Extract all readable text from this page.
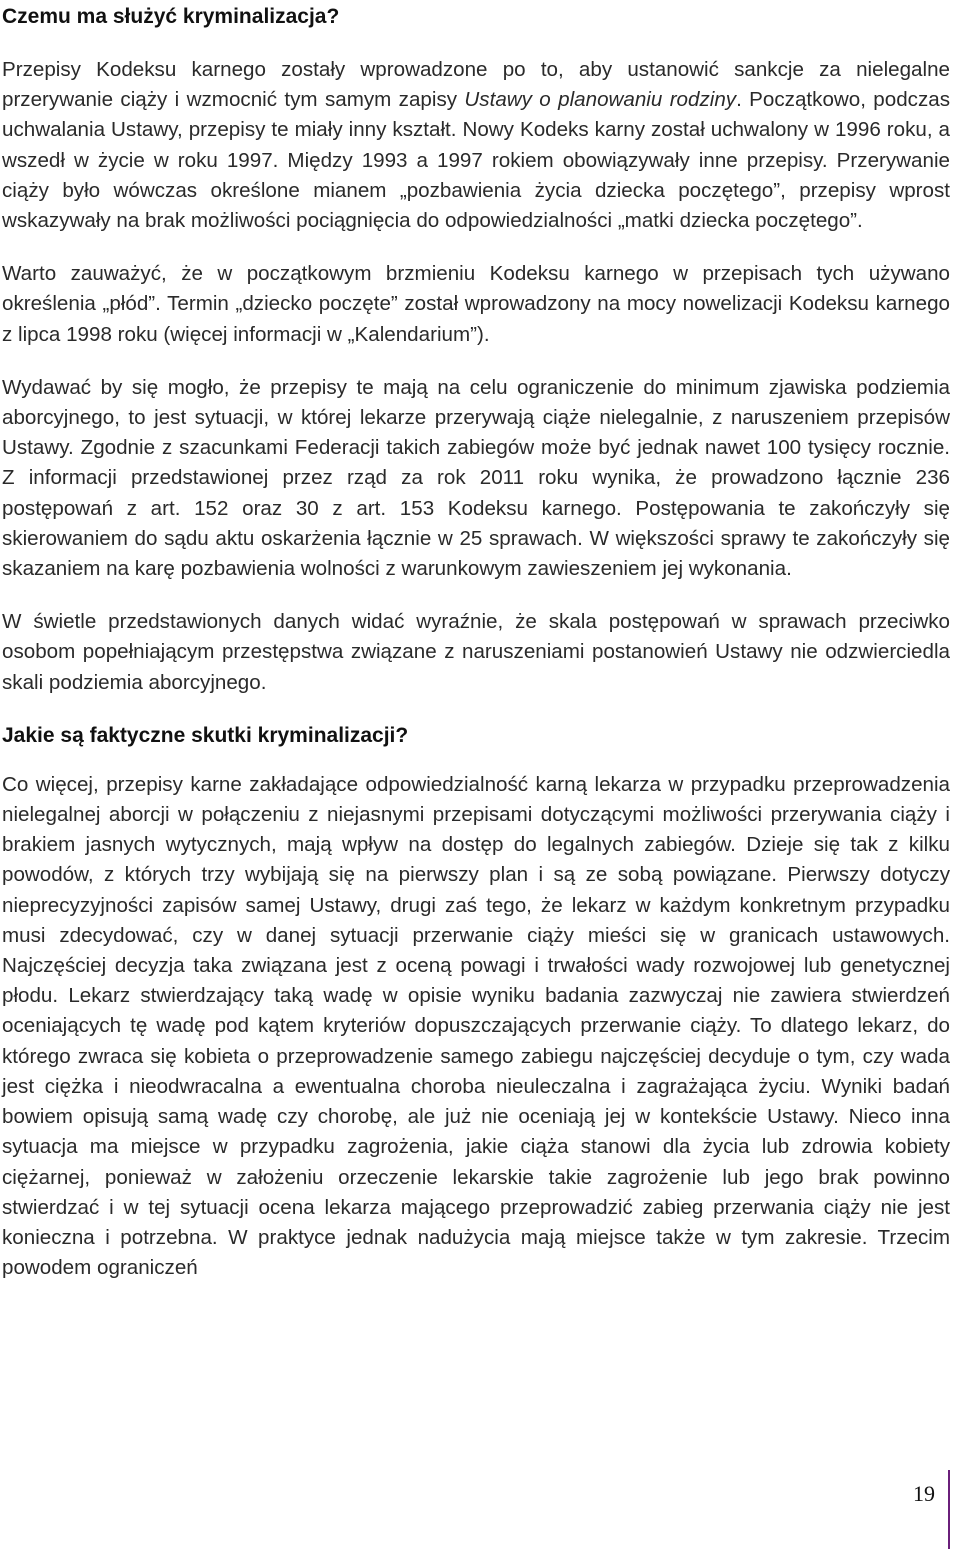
Czemu ma służyć kryminalizacja?

Przepisy Kodeksu karnego zostały wprowadzone po to, aby ustanowić sankcje za nielegalne przerywanie ciąży i wzmocnić tym samym zapisy Ustawy o planowaniu rodziny. Początkowo, podczas uchwalania Ustawy, przepisy te miały inny kształt. Nowy Kodeks karny został uchwalony w 1996 roku, a wszedł w życie w roku 1997. Między 1993 a 1997 rokiem obowiązywały inne przepisy. Przerywanie ciąży było wówczas określone mianem „pozbawienia życia dziecka poczętego”, przepisy wprost wskazywały na brak możliwości pociągnięcia do odpowiedzialności „matki dziecka poczętego”.

Warto zauważyć, że w początkowym brzmieniu Kodeksu karnego w przepisach tych używano określenia „płód”. Termin „dziecko poczęte” został wprowadzony na mocy nowelizacji Kodeksu karnego z lipca 1998 roku (więcej informacji w „Kalendarium”).

Wydawać by się mogło, że przepisy te mają na celu ograniczenie do minimum zjawiska podziemia aborcyjnego, to jest sytuacji, w której lekarze przerywają ciąże nielegalnie, z naruszeniem przepisów Ustawy. Zgodnie z szacunkami Federacji takich zabiegów może być jednak nawet 100 tysięcy rocznie. Z informacji przedstawionej przez rząd za rok 2011 roku wynika, że prowadzono łącznie 236 postępowań z art. 152 oraz 30 z art. 153 Kodeksu karnego. Postępowania te zakończyły się skierowaniem do sądu aktu oskarżenia łącznie w 25 sprawach. W większości sprawy te zakończyły się skazaniem na karę pozbawienia wolności z warunkowym zawieszeniem jej wykonania.

W świetle przedstawionych danych widać wyraźnie, że skala postępowań w sprawach przeciwko osobom popełniającym przestępstwa związane z naruszeniami postanowień Ustawy nie odzwierciedla skali podziemia aborcyjnego.

Jakie są faktyczne skutki kryminalizacji?

Co więcej, przepisy karne zakładające odpowiedzialność karną lekarza w przypadku przeprowadzenia nielegalnej aborcji w połączeniu z niejasnymi przepisami dotyczącymi możliwości przerywania ciąży i brakiem jasnych wytycznych, mają wpływ na dostęp do legalnych zabiegów. Dzieje się tak z kilku powodów, z których trzy wybijają się na pierwszy plan i są ze sobą powiązane. Pierwszy dotyczy nieprecyzyjności zapisów samej Ustawy, drugi zaś tego, że lekarz w każdym konkretnym przypadku musi zdecydować, czy w danej sytuacji przerwanie ciąży mieści się w granicach ustawowych. Najczęściej decyzja taka związana jest z oceną powagi i trwałości wady rozwojowej lub genetycznej płodu. Lekarz stwierdzający taką wadę w opisie wyniku badania zazwyczaj nie zawiera stwierdzeń oceniających tę wadę pod kątem kryteriów dopuszczających przerwanie ciąży. To dlatego lekarz, do którego zwraca się kobieta o przeprowadzenie samego zabiegu najczęściej decyduje o tym, czy wada jest ciężka i nieodwracalna a ewentualna choroba nieuleczalna i zagrażająca życiu. Wyniki badań bowiem opisują samą wadę czy chorobę, ale już nie oceniają jej w kontekście Ustawy. Nieco inna sytuacja ma miejsce w przypadku zagrożenia, jakie ciąża stanowi dla życia lub zdrowia kobiety ciężarnej, ponieważ w założeniu orzeczenie lekarskie takie zagrożenie lub jego brak powinno stwierdzać i w tej sytuacji ocena lekarza mającego przeprowadzić zabieg przerwania ciąży nie jest konieczna i potrzebna. W praktyce jednak nadużycia mają miejsce także w tym zakresie. Trzecim powodem ograniczeń

19
